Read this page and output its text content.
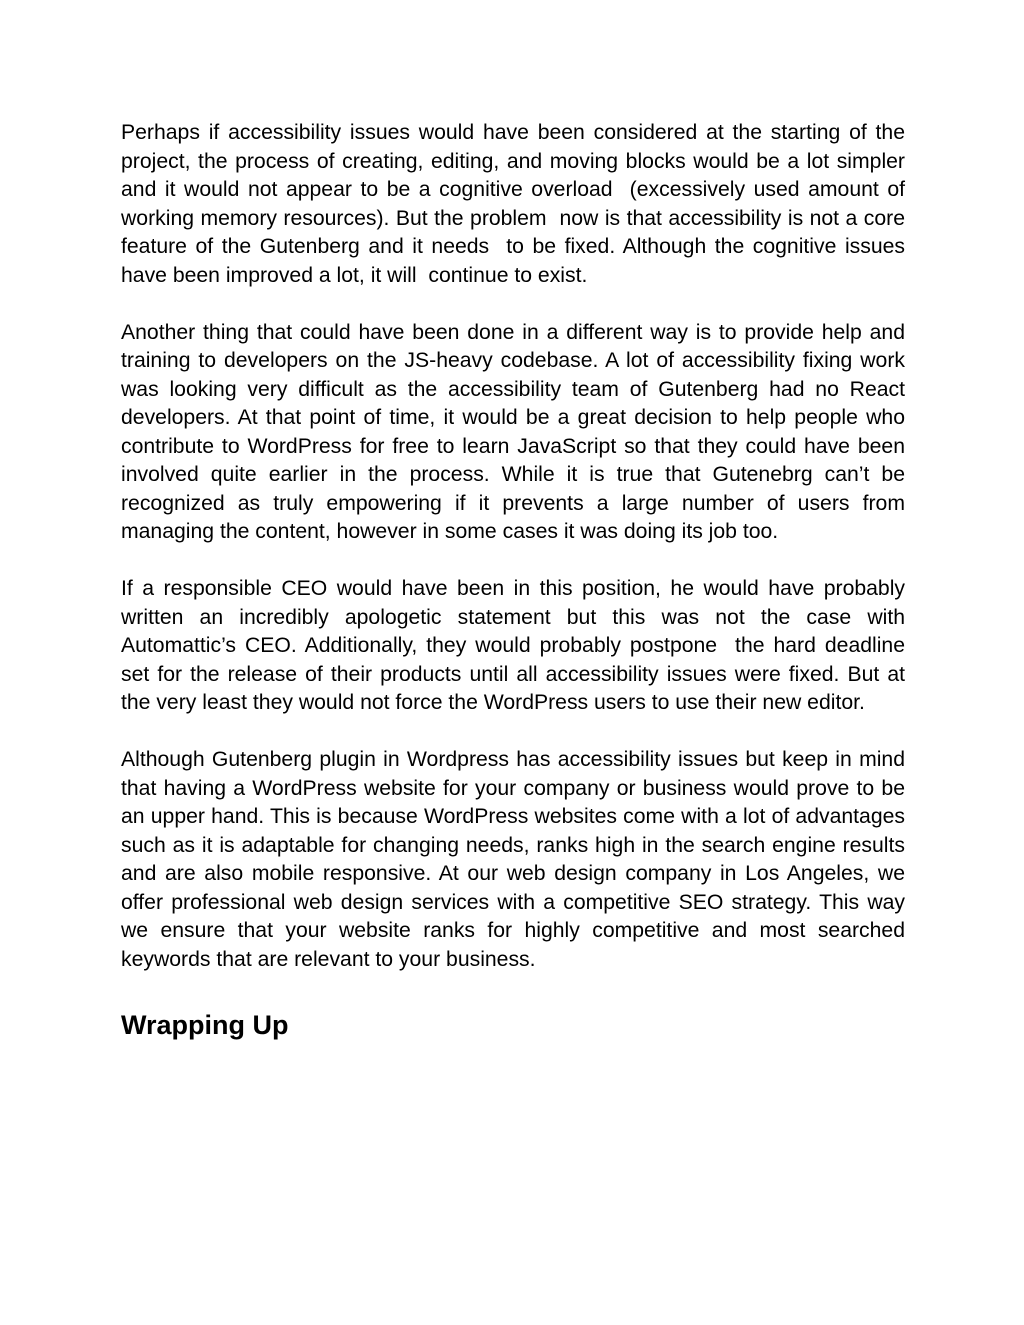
Perhaps if accessibility issues would have been considered at the starting of the project, the process of creating, editing, and moving blocks would be a lot simpler and it would not appear to be a cognitive overload  (excessively used amount of working memory resources). But the problem  now is that accessibility is not a core feature of the Gutenberg and it needs  to be fixed. Although the cognitive issues have been improved a lot, it will  continue to exist.

Another thing that could have been done in a different way is to provide help and training to developers on the JS-heavy codebase. A lot of accessibility fixing work was looking very difficult as the accessibility team of Gutenberg had no React developers. At that point of time, it would be a great decision to help people who contribute to WordPress for free to learn JavaScript so that they could have been involved quite earlier in the process. While it is true that Gutenebrg can’t be recognized as truly empowering if it prevents a large number of users from managing the content, however in some cases it was doing its job too.

If a responsible CEO would have been in this position, he would have probably written an incredibly apologetic statement but this was not the case with Automattic’s CEO. Additionally, they would probably postpone  the hard deadline set for the release of their products until all accessibility issues were fixed. But at the very least they would not force the WordPress users to use their new editor.

Although Gutenberg plugin in Wordpress has accessibility issues but keep in mind that having a WordPress website for your company or business would prove to be an upper hand. This is because WordPress websites come with a lot of advantages such as it is adaptable for changing needs, ranks high in the search engine results and are also mobile responsive. At our web design company in Los Angeles, we offer professional web design services with a competitive SEO strategy. This way we ensure that your website ranks for highly competitive and most searched keywords that are relevant to your business.

Wrapping Up
